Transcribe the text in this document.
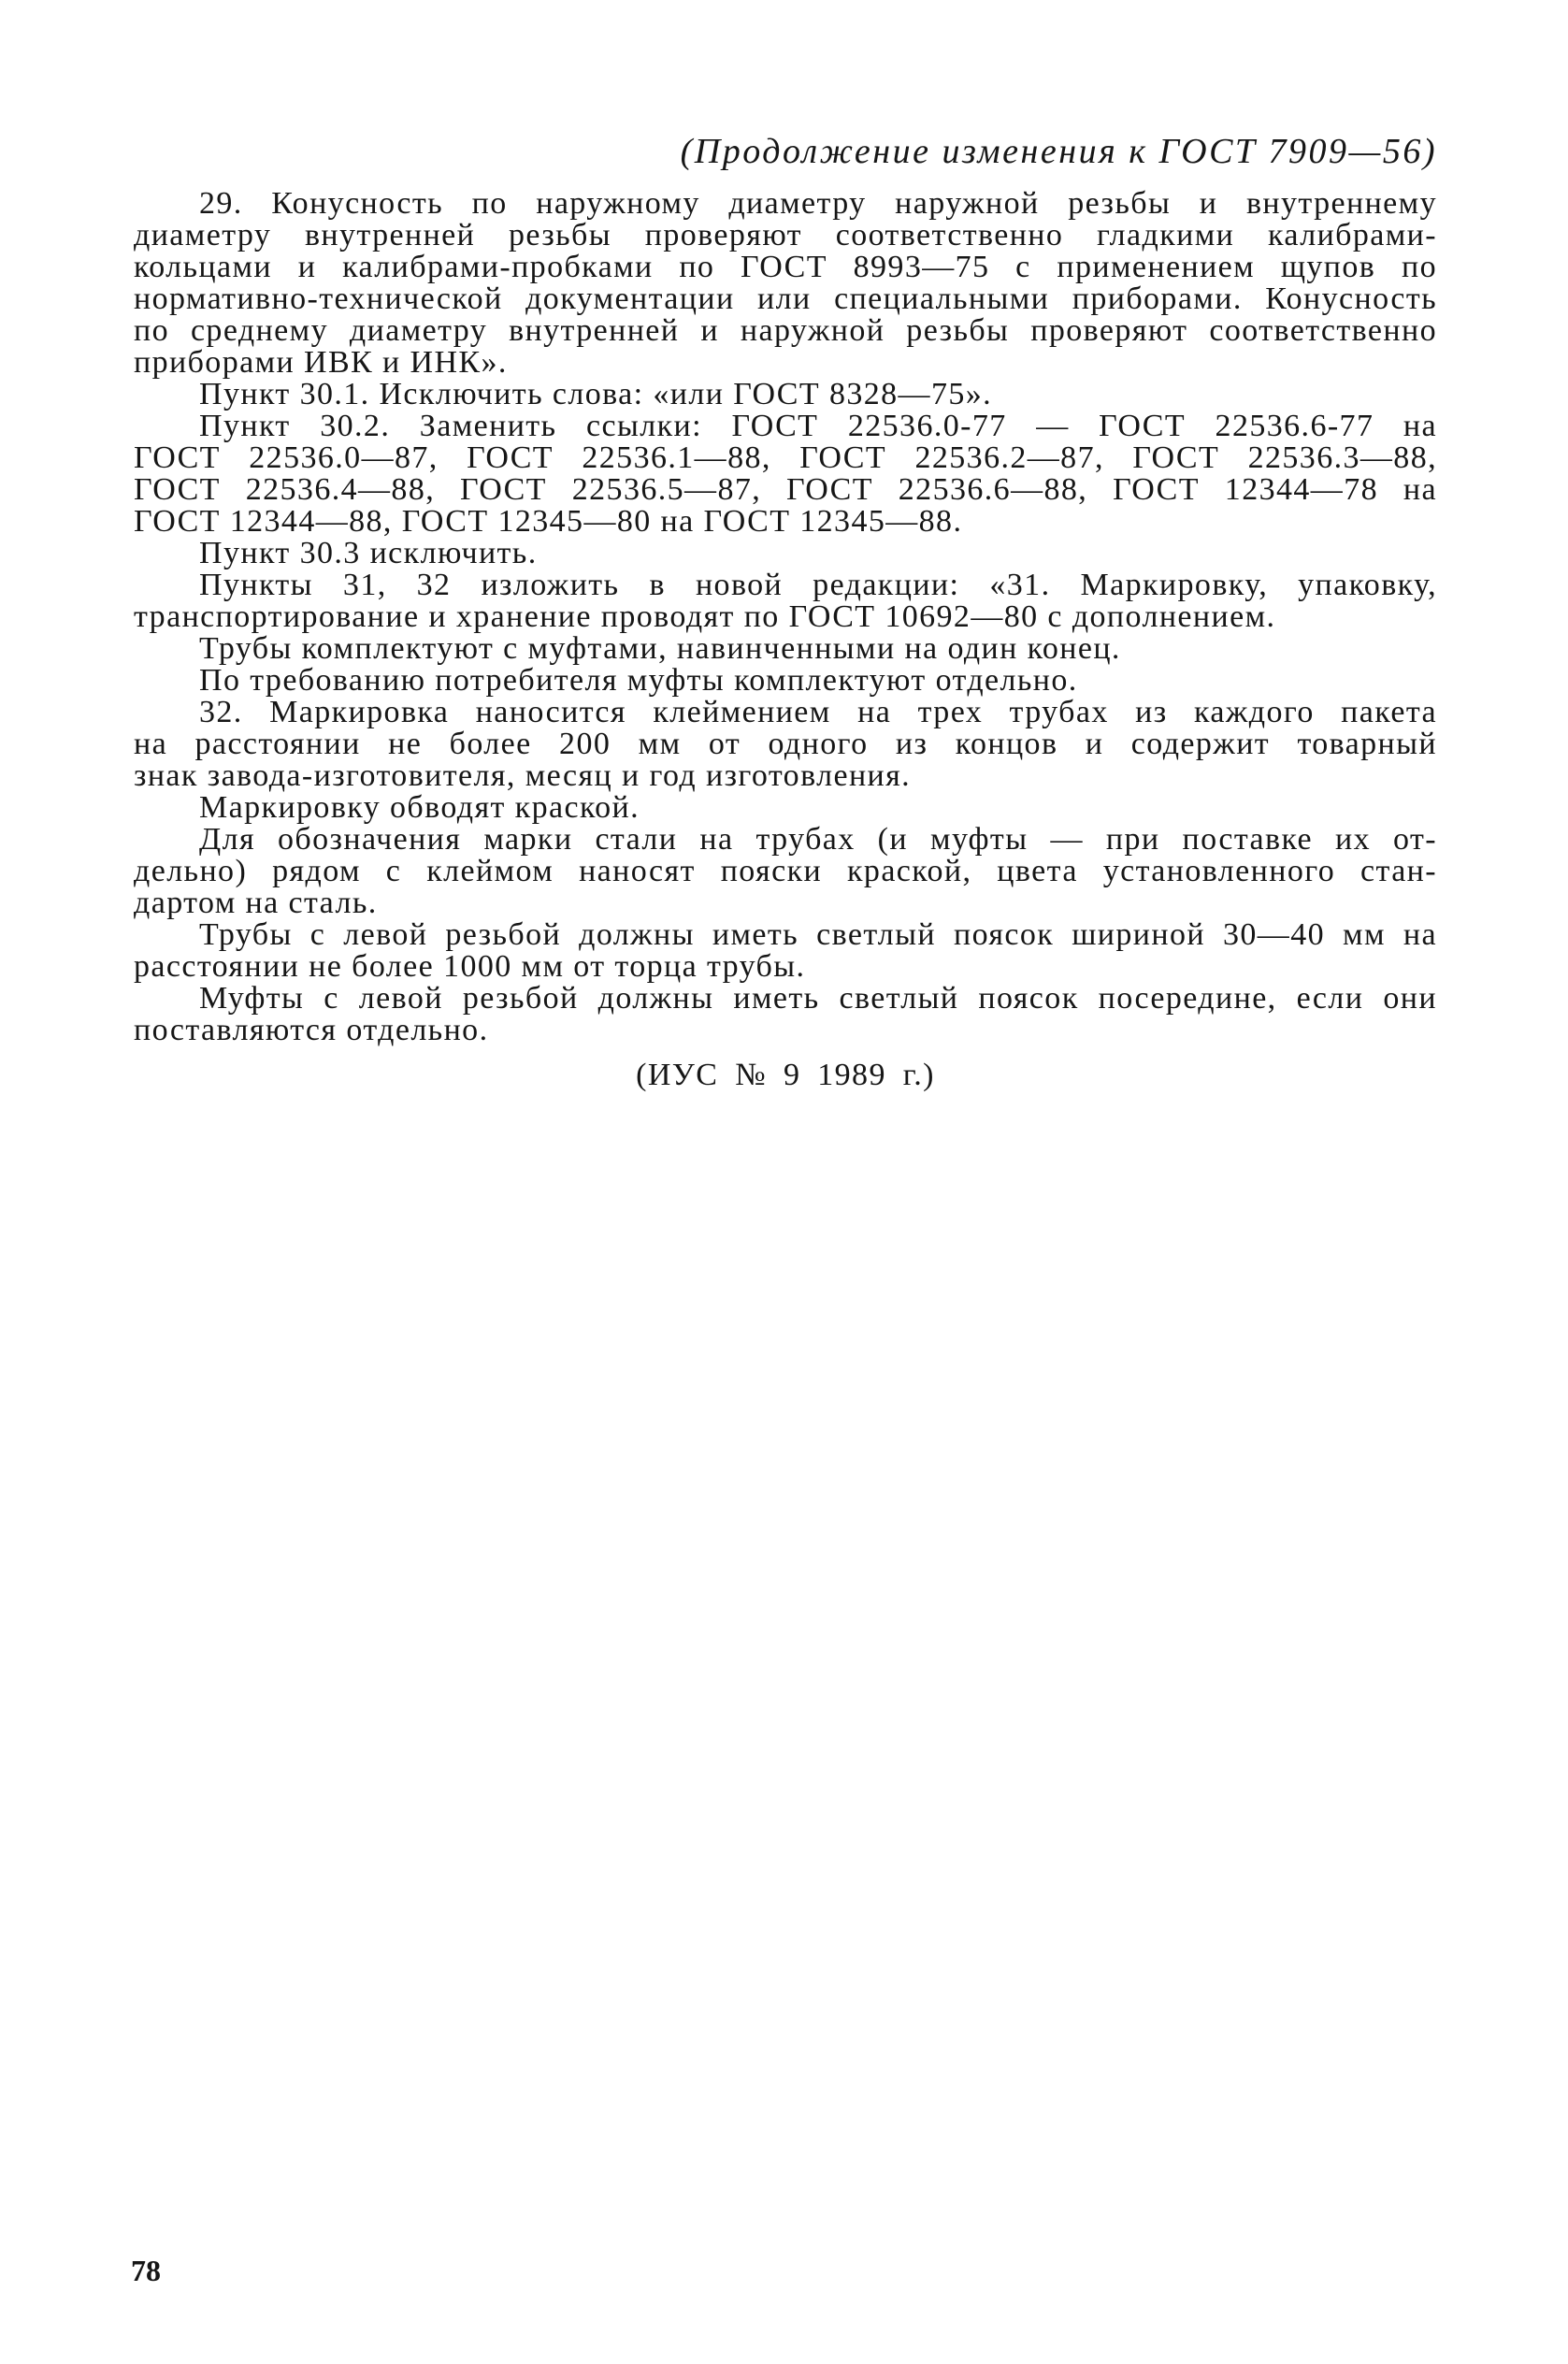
(Продолжение изменения к ГОСТ 7909—56)
29. Конусность по наружному диаметру наружной резьбы и внутреннему
диаметру внутренней резьбы проверяют соответственно гладкими калибрами-
кольцами и калибрами-пробками по ГОСТ 8993—75 с применением щупов по
нормативно-технической документации или специальными приборами. Конусность
по среднему диаметру внутренней и наружной резьбы проверяют соответственно
приборами ИВК и ИНК».
Пункт 30.1. Исключить слова: «или ГОСТ 8328—75».
Пункт 30.2. Заменить ссылки: ГОСТ 22536.0-77 — ГОСТ 22536.6-77 на
ГОСТ 22536.0—87, ГОСТ 22536.1—88, ГОСТ 22536.2—87, ГОСТ 22536.3—88,
ГОСТ 22536.4—88, ГОСТ 22536.5—87, ГОСТ 22536.6—88, ГОСТ 12344—78 на
ГОСТ 12344—88, ГОСТ 12345—80 на ГОСТ 12345—88.
Пункт 30.3 исключить.
Пункты 31, 32 изложить в новой редакции: «31. Маркировку, упаковку,
транспортирование и хранение проводят по ГОСТ 10692—80 с дополнением.
Трубы комплектуют с муфтами, навинченными на один конец.
По требованию потребителя муфты комплектуют отдельно.
32. Маркировка наносится клеймением на трех трубах из каждого пакета
на расстоянии не более 200 мм от одного из концов и содержит товарный
знак завода-изготовителя, месяц и год изготовления.
Маркировку обводят краской.
Для обозначения марки стали на трубах (и муфты — при поставке их от-
дельно) рядом с клеймом наносят пояски краской, цвета установленного стан-
дартом на сталь.
Трубы с левой резьбой должны иметь светлый поясок шириной 30—40 мм на
расстоянии не более 1000 мм от торца трубы.
Муфты с левой резьбой должны иметь светлый поясок посередине, если они
поставляются отдельно.
(ИУС № 9 1989 г.)
78
